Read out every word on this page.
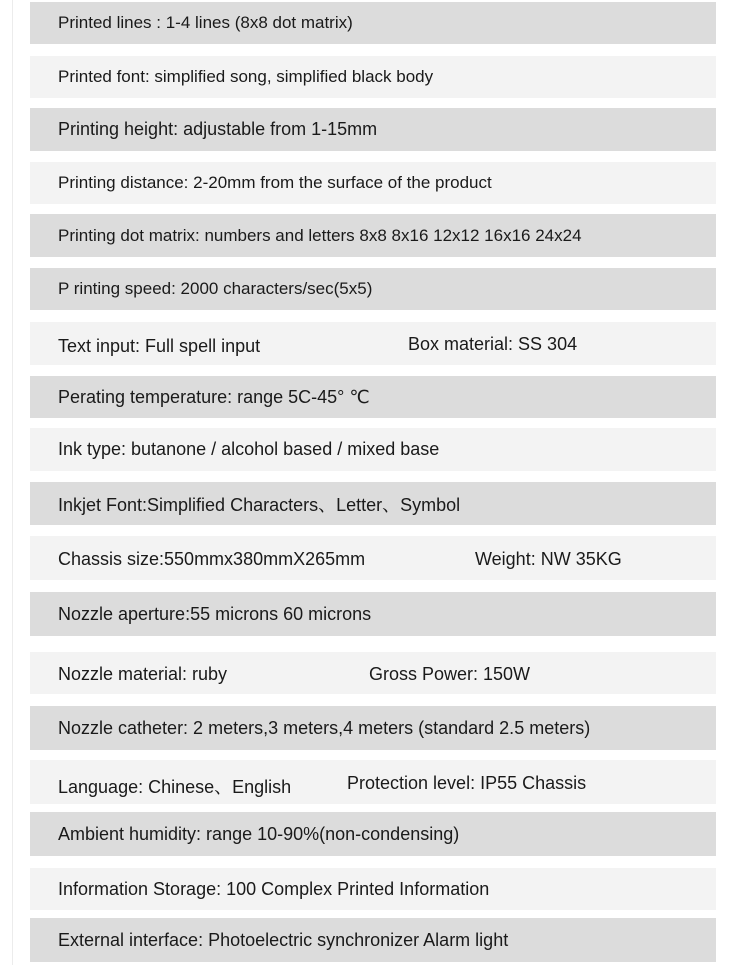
Printed lines : 1-4 lines (8x8 dot matrix)
Printed font: simplified song, simplified black body
Printing height: adjustable from 1-15mm
Printing distance: 2-20mm from the surface of the product
Printing dot matrix: numbers and letters 8x8 8x16 12x12 16x16 24x24
P rinting speed: 2000 characters/sec(5x5)
Text input: Full spell input	Box material: SS 304
Perating temperature: range 5C-45° ℃
Ink type: butanone / alcohol based / mixed base
Inkjet Font:Simplified Characters、Letter、Symbol
Chassis size:550mmx380mmX265mm	Weight: NW 35KG
Nozzle aperture:55 microns 60 microns
Nozzle material: ruby	Gross Power: 150W
Nozzle catheter: 2 meters,3 meters,4 meters (standard 2.5 meters)
Language: Chinese、English	Protection level: IP55 Chassis
Ambient humidity: range 10-90%(non-condensing)
Information Storage: 100 Complex Printed Information
External interface: Photoelectric synchronizer Alarm light
